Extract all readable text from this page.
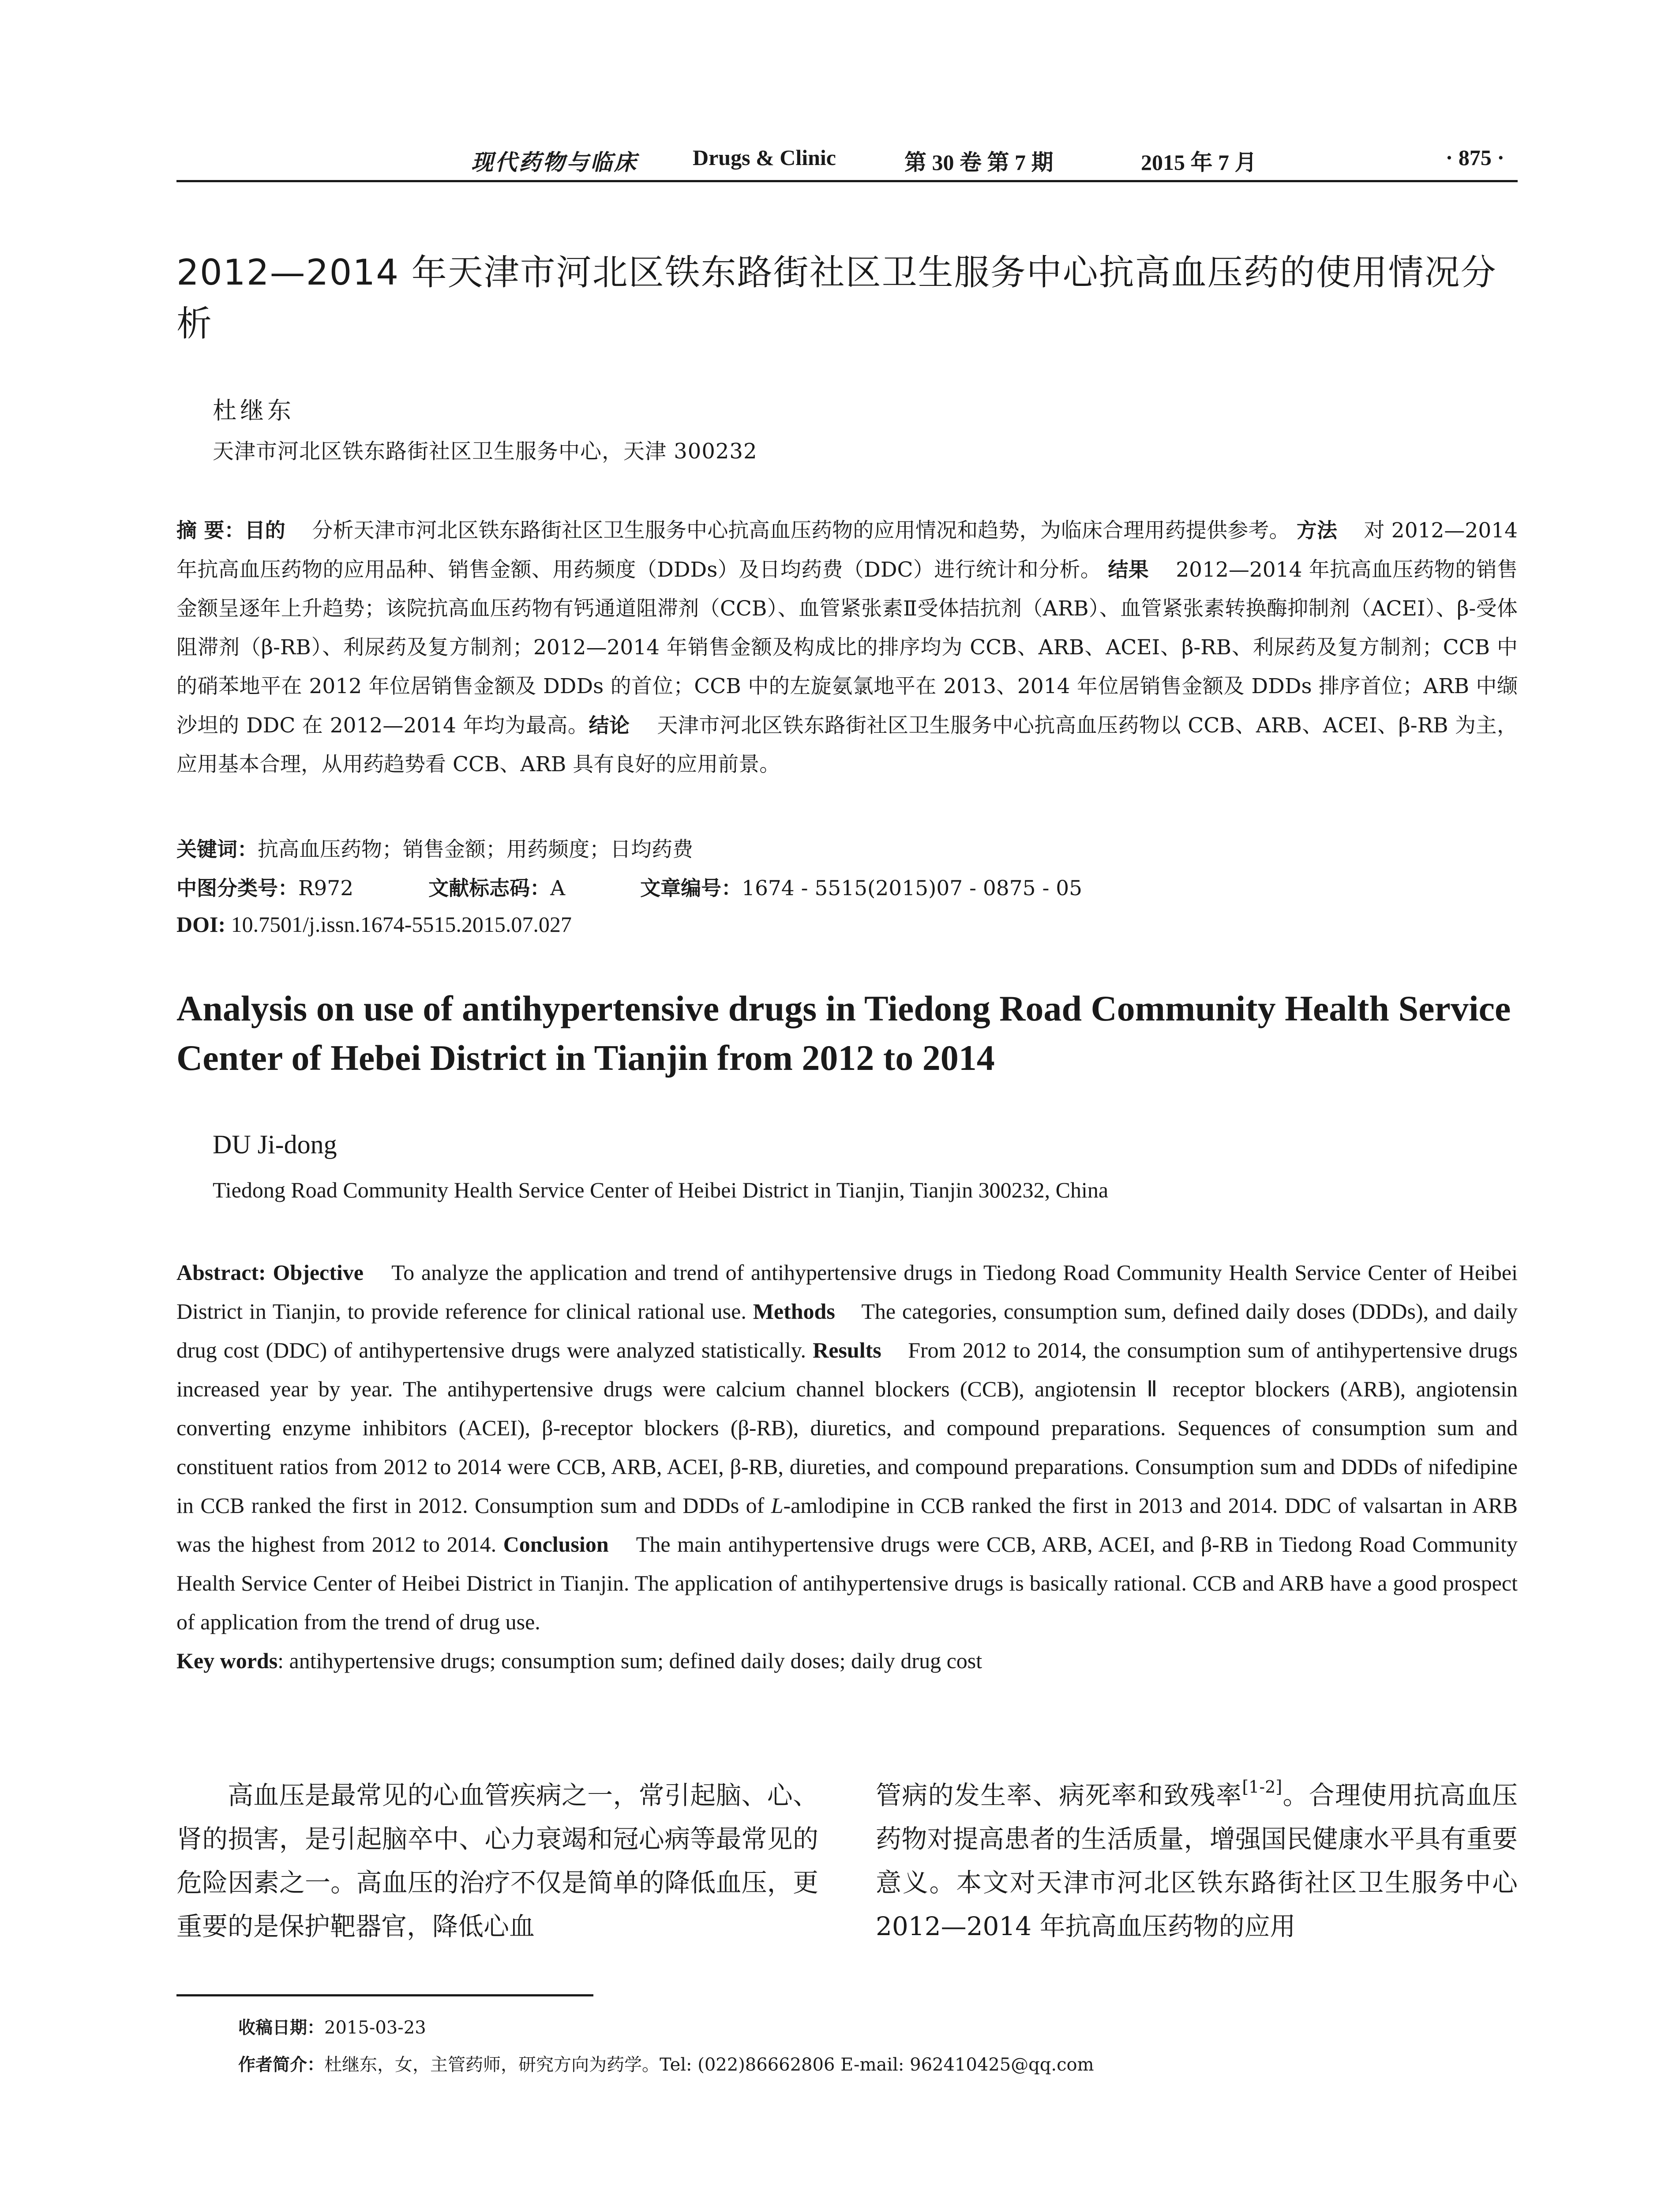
现代药物与临床 Drugs & Clinic	第 30 卷 第 7 期	2015 年 7 月	· 875 ·
2012—2014 年天津市河北区铁东路街社区卫生服务中心抗高血压药的使用情况分析
杜继东
天津市河北区铁东路街社区卫生服务中心，天津 300232

摘 要：目的 分析天津市河北区铁东路街社区卫生服务中心抗高血压药物的应用情况和趋势，为临床合理用药提供参考。 方法 对 2012—2014 年抗高血压药物的应用品种、销售金额、用药频度（DDDs）及日均药费（DDC）进行统计和分析。 结果 2012—2014 年抗高血压药物的销售金额呈逐年上升趋势；该院抗高血压药物有钙通道阻滞剂（CCB）、血管紧张素Ⅱ受体拮抗剂（ARB）、血管紧张素转换酶抑制剂（ACEI）、β-受体阻滞剂（β-RB）、利尿药及复方制剂；2012—2014 年销售金额及构成比的排序均为 CCB、ARB、ACEI、β-RB、利尿药及复方制剂；CCB 中的硝苯地平在 2012 年位居销售金额及 DDDs 的首位；CCB 中的左旋氨氯地平在 2013、2014 年位居销售金额及 DDDs 排序首位；ARB 中缬沙坦的 DDC 在 2012—2014 年均为最高。结论 天津市河北区铁东路街社区卫生服务中心抗高血压药物以 CCB、ARB、ACEI、β-RB 为主，应用基本合理，从用药趋势看 CCB、ARB 具有良好的应用前景。

关键词：抗高血压药物；销售金额；用药频度；日均药费
中图分类号：R972	文献标志码：A	文章编号：1674 - 5515(2015)07 - 0875 - 05
DOI: 10.7501/j.issn.1674-5515.2015.07.027
Analysis on use of antihypertensive drugs in Tiedong Road Community Health Service Center of Hebei District in Tianjin from 2012 to 2014
DU Ji-dong
Tiedong Road Community Health Service Center of Heibei District in Tianjin, Tianjin 300232, China

Abstract: Objective To analyze the application and trend of antihypertensive drugs in Tiedong Road Community Health Service Center of Heibei District in Tianjin, to provide reference for clinical rational use. Methods The categories, consumption sum, defined daily doses (DDDs), and daily drug cost (DDC) of antihypertensive drugs were analyzed statistically. Results From 2012 to 2014, the consumption sum of antihypertensive drugs increased year by year. The antihypertensive drugs were calcium channel blockers (CCB), angiotensin Ⅱ receptor blockers (ARB), angiotensin converting enzyme inhibitors (ACEI), β-receptor blockers (β-RB), diuretics, and compound preparations. Sequences of consumption sum and constituent ratios from 2012 to 2014 were CCB, ARB, ACEI, β-RB, diureties, and compound preparations. Consumption sum and DDDs of nifedipine in CCB ranked the first in 2012. Consumption sum and DDDs of L-amlodipine in CCB ranked the first in 2013 and 2014. DDC of valsartan in ARB was the highest from 2012 to 2014. Conclusion The main antihypertensive drugs were CCB, ARB, ACEI, and β-RB in Tiedong Road Community Health Service Center of Heibei District in Tianjin. The application of antihypertensive drugs is basically rational. CCB and ARB have a good prospect of application from the trend of drug use.

Key words: antihypertensive drugs; consumption sum; defined daily doses; daily drug cost

高血压是最常见的心血管疾病之一，常引起脑、心、肾的损害，是引起脑卒中、心力衰竭和冠心病等最常见的危险因素之一。高血压的治疗不仅是简单的降低血压，更重要的是保护靶器官，降低心血
管病的发生率、病死率和致残率[1-2]。合理使用抗高血压药物对提高患者的生活质量，增强国民健康水平具有重要意义。本文对天津市河北区铁东路街社区卫生服务中心 2012—2014 年抗高血压药物的应用
收稿日期：2015-03-23
作者简介：杜继东，女，主管药师，研究方向为药学。Tel: (022)86662806 E-mail: 962410425@qq.com
